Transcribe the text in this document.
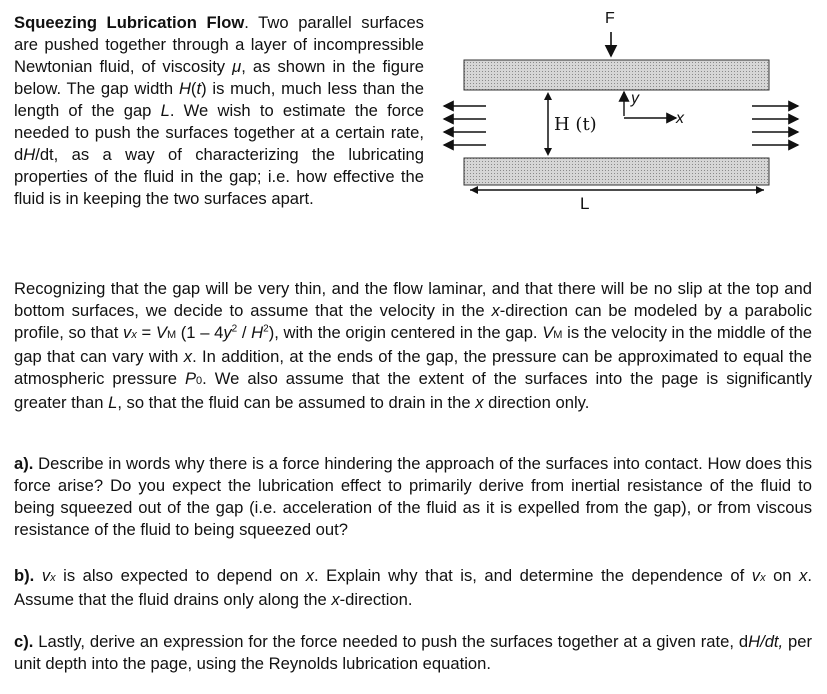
Squeezing Lubrication Flow. Two parallel surfaces are pushed together through a layer of incompressible Newtonian fluid, of viscosity μ, as shown in the figure below. The gap width H(t) is much, much less than the length of the gap L. We wish to estimate the force needed to push the surfaces together at a certain rate, dH/dt, as a way of characterizing the lubricating properties of the fluid in the gap; i.e. how effective the fluid is in keeping the two surfaces apart.

F
H (t)
y
x
L

Recognizing that the gap will be very thin, and the flow laminar, and that there will be no slip at the top and bottom surfaces, we decide to assume that the velocity in the x-direction can be modeled by a parabolic profile, so that vx = VM $(1 - 4y^2 / H^2)$, with the origin centered in the gap. VM is the velocity in the middle of the gap that can vary with x. In addition, at the ends of the gap, the pressure can be approximated to equal the atmospheric pressure P0. We also assume that the extent of the surfaces into the page is significantly greater than L, so that the fluid can be assumed to drain in the x direction only.

a). Describe in words why there is a force hindering the approach of the surfaces into contact. How does this force arise? Do you expect the lubrication effect to primarily derive from inertial resistance of the fluid to being squeezed out of the gap (i.e. acceleration of the fluid as it is expelled from the gap), or from viscous resistance of the fluid to being squeezed out?

b). vx is also expected to depend on x. Explain why that is, and determine the dependence of vx on x. Assume that the fluid drains only along the x-direction.

c). Lastly, derive an expression for the force needed to push the surfaces together at a given rate, dH/dt, per unit depth into the page, using the Reynolds lubrication equation.
